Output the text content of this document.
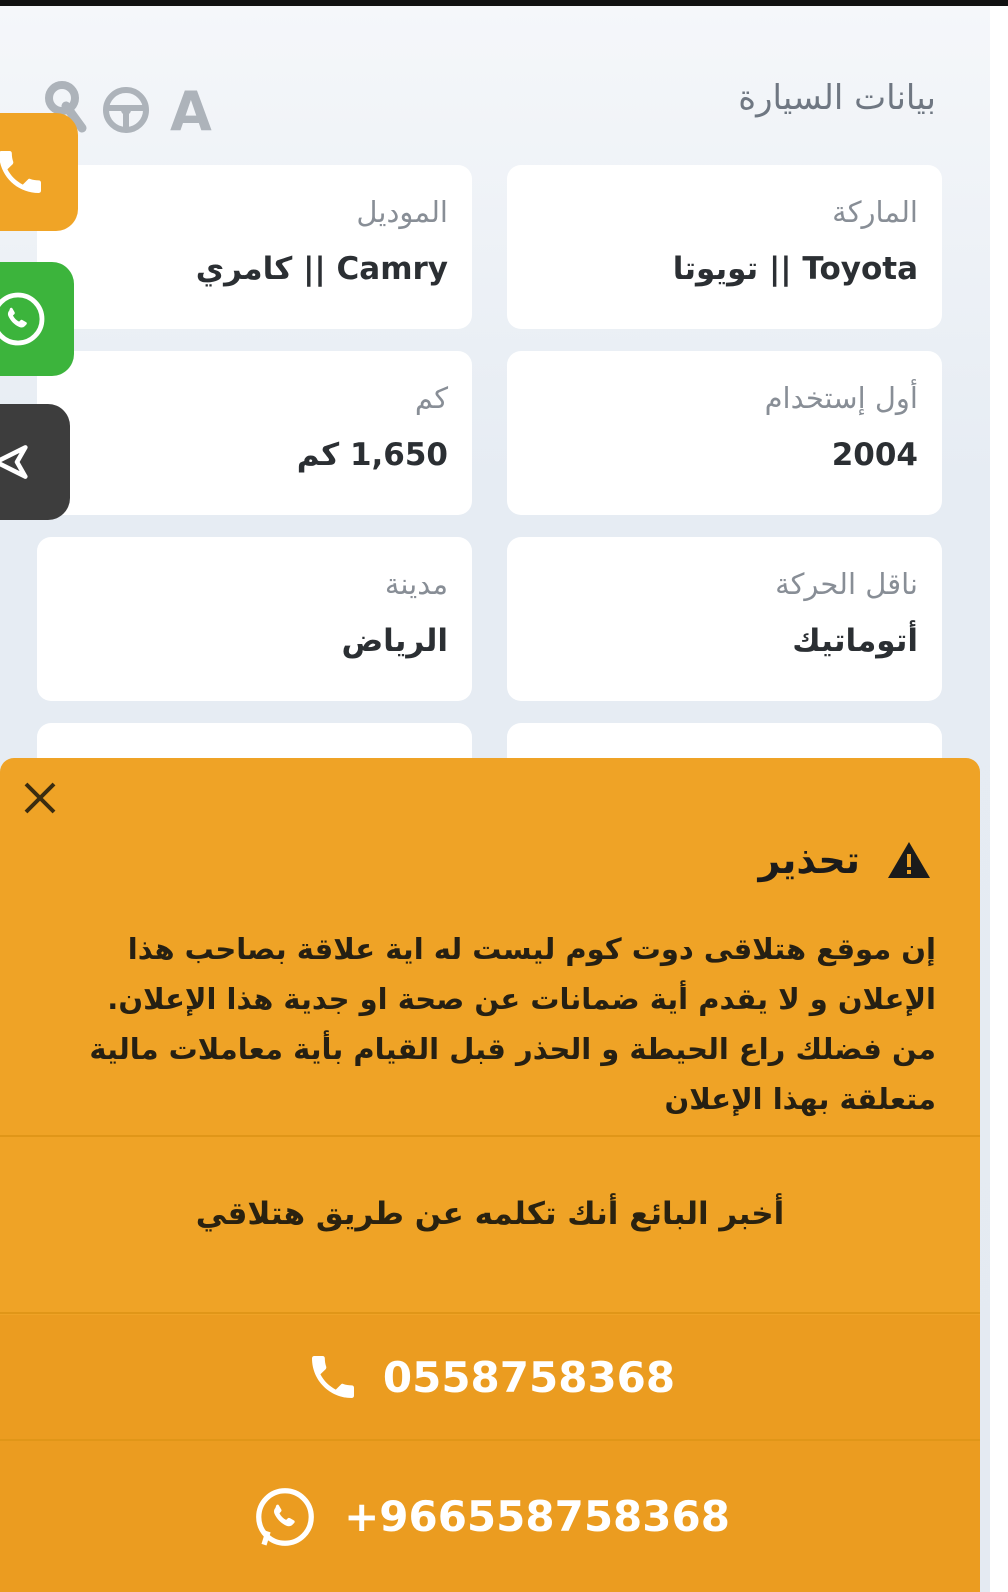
بيانات السيارة
A
الماركة
Toyota || تويوتا
الموديل
Camry || كامري
أول إستخدام
2004
كم
1,650 كم
ناقل الحركة
أتوماتيك
مدينة
الرياض
تحذير
إن موقع هتلاقى دوت كوم ليست له اية علاقة بصاحب هذا الإعلان و لا يقدم أية ضمانات عن صحة او جدية هذا الإعلان. من فضلك راع الحيطة و الحذر قبل القيام بأية معاملات مالية متعلقة بهذا الإعلان
أخبر البائع أنك تكلمه عن طريق هتلاقي
0558758368
+966558758368
